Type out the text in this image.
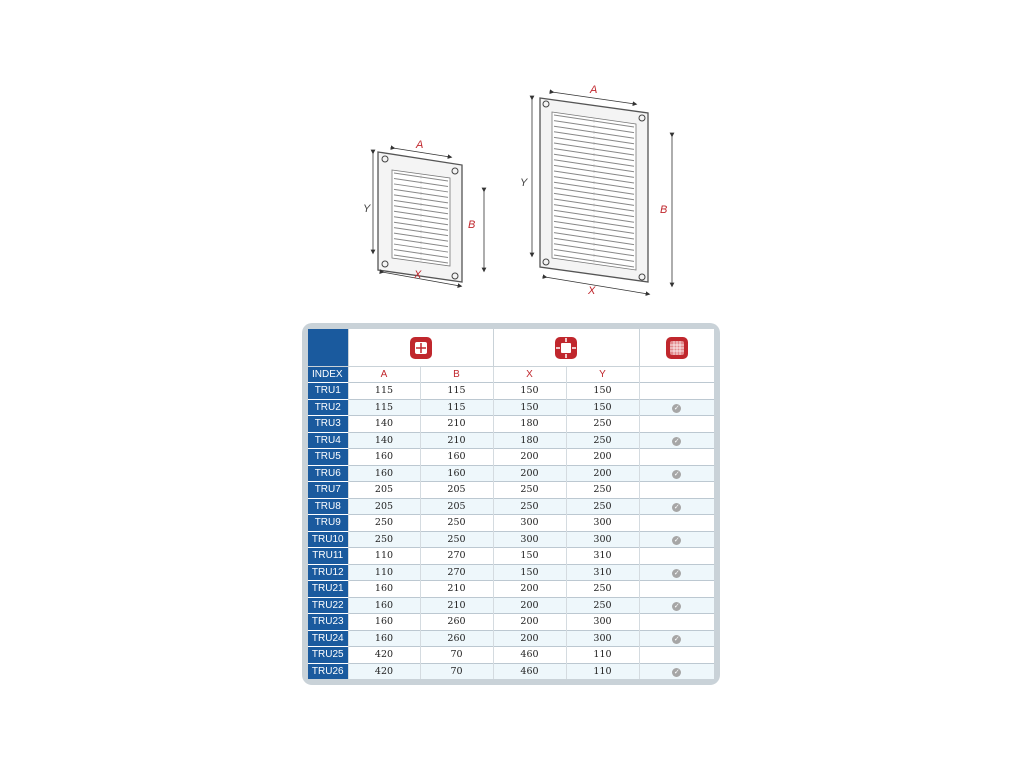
A
Y
B
X
A
Y
B
X

INDEX	A	B	X	Y	
TRU1	115	115	150	150	
TRU2	115	115	150	150	✓
TRU3	140	210	180	250	
TRU4	140	210	180	250	✓
TRU5	160	160	200	200	
TRU6	160	160	200	200	✓
TRU7	205	205	250	250	
TRU8	205	205	250	250	✓
TRU9	250	250	300	300	
TRU10	250	250	300	300	✓
TRU11	110	270	150	310	
TRU12	110	270	150	310	✓
TRU21	160	210	200	250	
TRU22	160	210	200	250	✓
TRU23	160	260	200	300	
TRU24	160	260	200	300	✓
TRU25	420	70	460	110	
TRU26	420	70	460	110	✓
